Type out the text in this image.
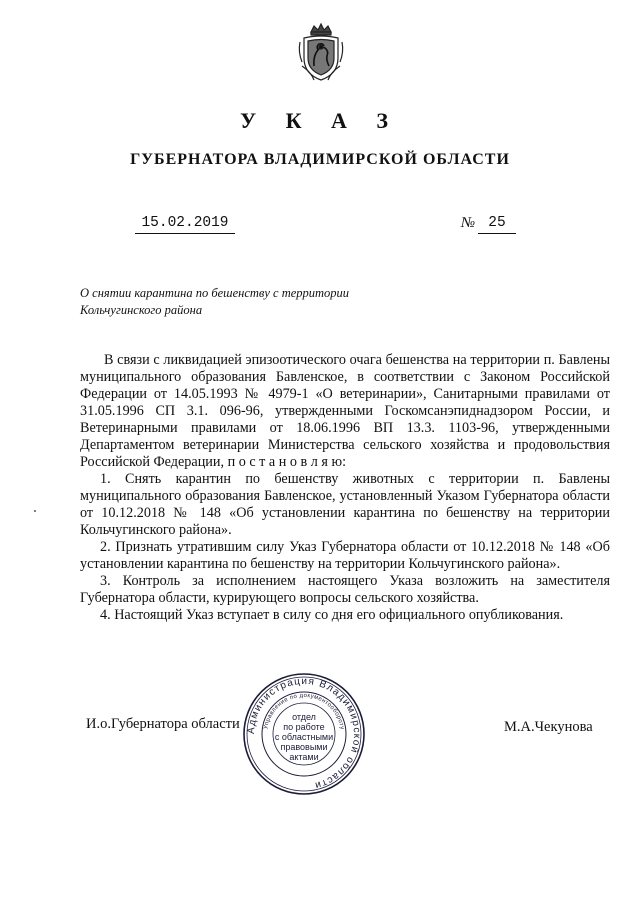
У К А З
ГУБЕРНАТОРА ВЛАДИМИРСКОЙ ОБЛАСТИ
15.02.2019	№ 25
О снятии карантина по бешенству с территории
Кольчугинского района

В связи с ликвидацией эпизоотического очага бешенства на территории п. Бавлены муниципального образования Бавленское, в соответствии с Законом Российской Федерации от 14.05.1993 № 4979-1 «О ветеринарии», Санитарными правилами от 31.05.1996 СП 3.1. 096-96, утвержденными Госкомсанэпиднадзором России, и Ветеринарными правилами от 18.06.1996 ВП 13.3. 1103-96, утвержденными Департаментом ветеринарии Министерства сельского хозяйства и продовольствия Российской Федерации, п о с т а н о в л я ю:

1. Снять карантин по бешенству животных с территории п. Бавлены муниципального образования Бавленское, установленный Указом Губернатора области от 10.12.2018 № 148 «Об установлении карантина по бешенству на территории Кольчугинского района».

2. Признать утратившим силу Указ Губернатора области от 10.12.2018 № 148 «Об установлении карантина по бешенству на территории Кольчугинского района».

3. Контроль за исполнением настоящего Указа возложить на заместителя Губернатора области, курирующего вопросы сельского хозяйства.

4. Настоящий Указ вступает в силу со дня его официального опубликования.

И.о.Губернатора области	М.А.Чекунова
Администрация Владимирской области
Управление по документообороту
отдел
по работе
с областными
правовыми
актами
